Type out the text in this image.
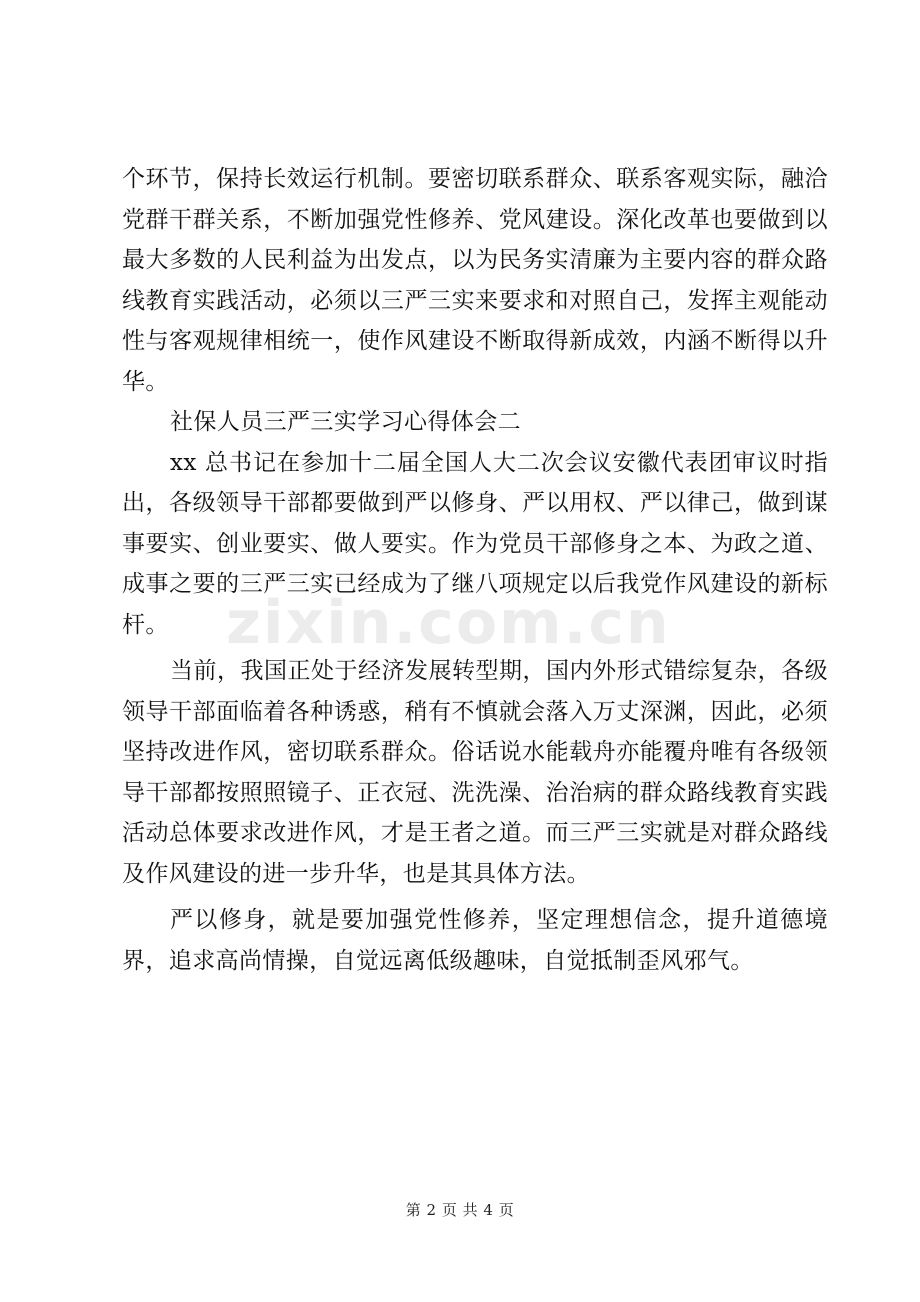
个环节，保持长效运行机制。要密切联系群众、联系客观实际，融洽党群干群关系，不断加强党性修养、党风建设。深化改革也要做到以最大多数的人民利益为出发点，以为民务实清廉为主要内容的群众路线教育实践活动，必须以三严三实来要求和对照自己，发挥主观能动性与客观规律相统一，使作风建设不断取得新成效，内涵不断得以升华。

社保人员三严三实学习心得体会二

xx 总书记在参加十二届全国人大二次会议安徽代表团审议时指出，各级领导干部都要做到严以修身、严以用权、严以律己，做到谋事要实、创业要实、做人要实。作为党员干部修身之本、为政之道、成事之要的三严三实已经成为了继八项规定以后我党作风建设的新标杆。

当前，我国正处于经济发展转型期，国内外形式错综复杂，各级领导干部面临着各种诱惑，稍有不慎就会落入万丈深渊，因此，必须坚持改进作风，密切联系群众。俗话说水能载舟亦能覆舟唯有各级领导干部都按照照镜子、正衣冠、洗洗澡、治治病的群众路线教育实践活动总体要求改进作风，才是王者之道。而三严三实就是对群众路线及作风建设的进一步升华，也是其具体方法。

严以修身，就是要加强党性修养，坚定理想信念，提升道德境界，追求高尚情操，自觉远离低级趣味，自觉抵制歪风邪气。

zixin.com.cn
第 2 页 共 4 页
